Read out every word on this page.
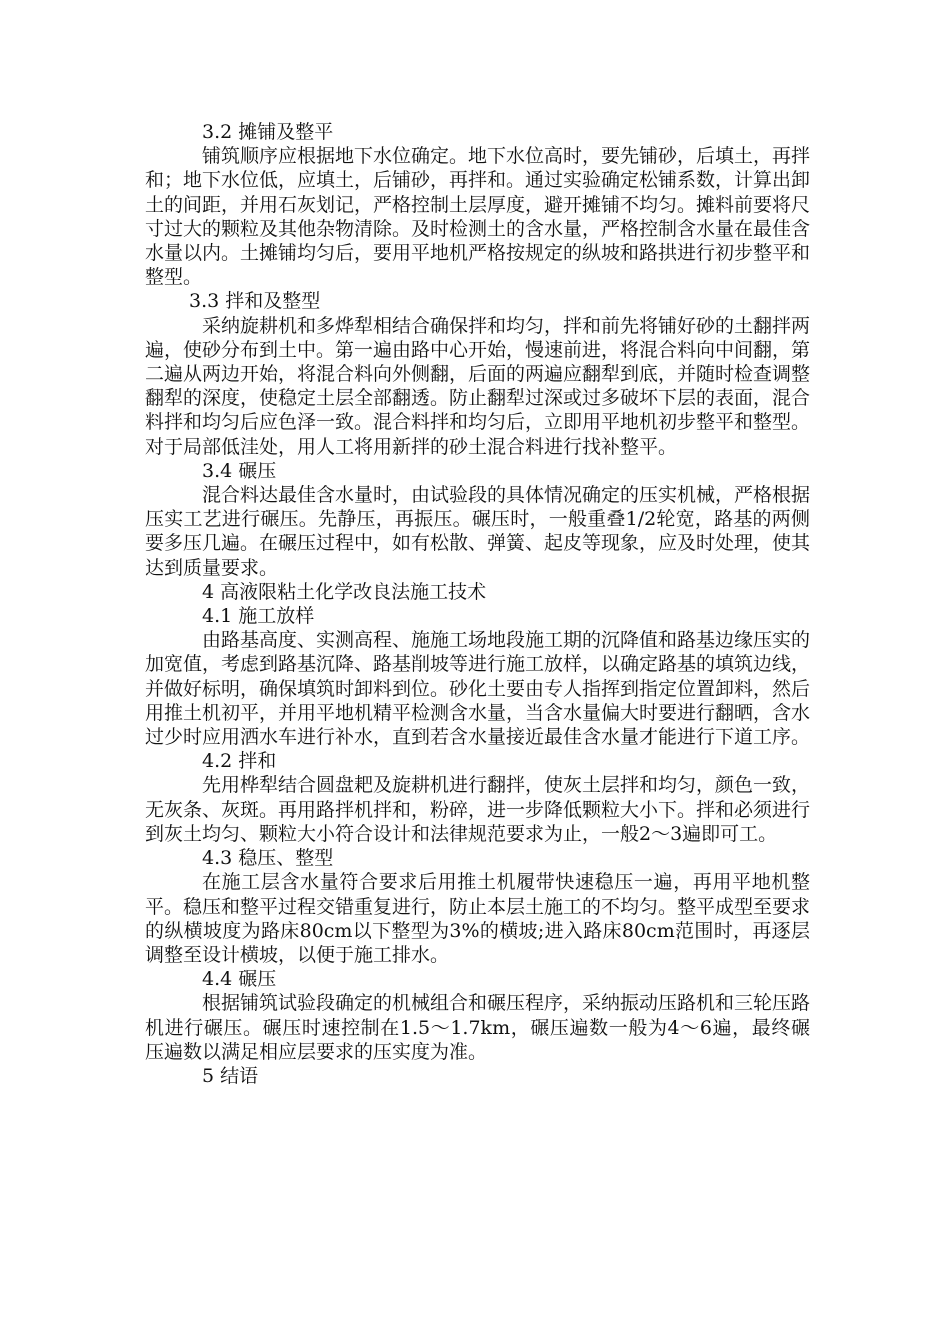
3.2 摊铺及整平

铺筑顺序应根据地下水位确定。地下水位高时，要先铺砂，后填土，再拌和；地下水位低，应填土，后铺砂，再拌和。通过实验确定松铺系数，计算出卸土的间距，并用石灰划记，严格控制土层厚度，避开摊铺不均匀。摊料前要将尺寸过大的颗粒及其他杂物清除。及时检测土的含水量，严格控制含水量在最佳含水量以内。土摊铺均匀后，要用平地机严格按规定的纵坡和路拱进行初步整平和整型。

3.3 拌和及整型

采纳旋耕机和多烨犁相结合确保拌和均匀，拌和前先将铺好砂的土翻拌两遍，使砂分布到土中。第一遍由路中心开始，慢速前进，将混合料向中间翻，第二遍从两边开始，将混合料向外侧翻，后面的两遍应翻犁到底，并随时检查调整翻犁的深度，使稳定土层全部翻透。防止翻犁过深或过多破坏下层的表面，混合料拌和均匀后应色泽一致。混合料拌和均匀后，立即用平地机初步整平和整型。对于局部低洼处，用人工将用新拌的砂土混合料进行找补整平。

3.4 碾压

混合料达最佳含水量时，由试验段的具体情况确定的压实机械，严格根据压实工艺进行碾压。先静压，再振压。碾压时，一般重叠1/2轮宽，路基的两侧要多压几遍。在碾压过程中，如有松散、弹簧、起皮等现象，应及时处理，使其达到质量要求。

4 高液限粘土化学改良法施工技术

4.1 施工放样

由路基高度、实测高程、施施工场地段施工期的沉降值和路基边缘压实的加宽值，考虑到路基沉降、路基削坡等进行施工放样，以确定路基的填筑边线，并做好标明，确保填筑时卸料到位。砂化土要由专人指挥到指定位置卸料，然后用推土机初平，并用平地机精平检测含水量，当含水量偏大时要进行翻晒，含水过少时应用洒水车进行补水，直到若含水量接近最佳含水量才能进行下道工序。

4.2 拌和

先用桦犁结合圆盘耙及旋耕机进行翻拌，使灰土层拌和均匀，颜色一致，无灰条、灰斑。再用路拌机拌和，粉碎，进一步降低颗粒大小下。拌和必须进行到灰土均匀、颗粒大小符合设计和法律规范要求为止，一般2～3遍即可工。

4.3 稳压、整型

在施工层含水量符合要求后用推土机履带快速稳压一遍，再用平地机整平。稳压和整平过程交错重复进行，防止本层土施工的不均匀。整平成型至要求的纵横坡度为路床80cm以下整型为3%的横坡;进入路床80cm范围时，再逐层调整至设计横坡，以便于施工排水。

4.4 碾压

根据铺筑试验段确定的机械组合和碾压程序，采纳振动压路机和三轮压路机进行碾压。碾压时速控制在1.5～1.7km，碾压遍数一般为4～6遍，最终碾压遍数以满足相应层要求的压实度为准。

5 结语
